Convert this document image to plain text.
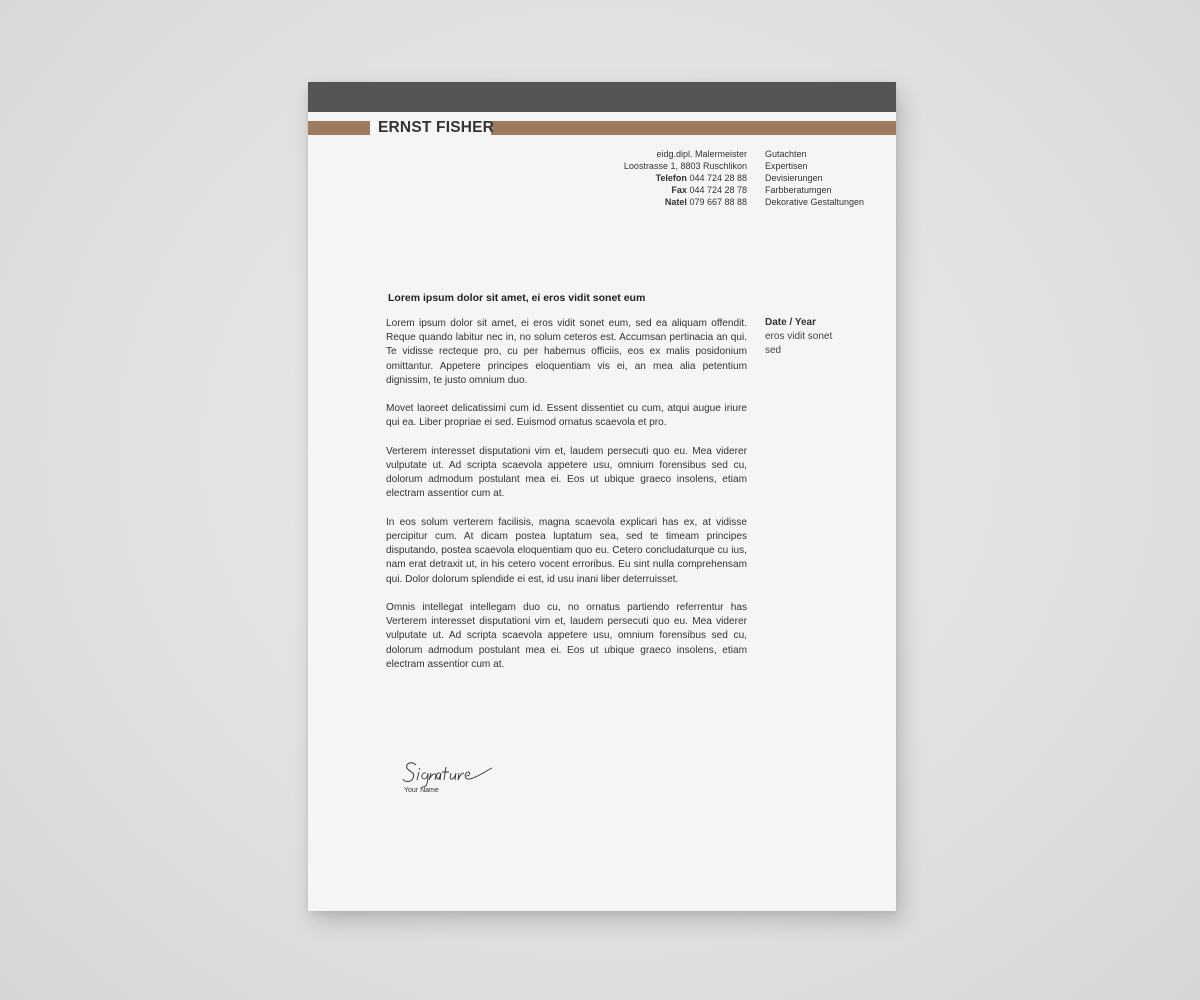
ERNST FISHER
eidg.dipl. Malermeister
Loostrasse 1, 8803 Ruschlikon
Telefon 044 724 28 88
Fax 044 724 28 78
Natel 079 667 88 88
Gutachten
Expertisen
Devisierungen
Farbberatumgen
Dekorative Gestaltungen
Lorem ipsum dolor sit amet, ei eros vidit sonet eum

Lorem ipsum dolor sit amet, ei eros vidit sonet eum, sed ea aliquam offendit. Reque quando labitur nec in, no solum ceteros est. Accumsan pertinacia an qui. Te vidisse recteque pro, cu per habemus officiis, eos ex malis posidonium omittantur. Appetere principes eloquentiam vis ei, an mea alia petentium dignissim, te justo omnium duo.

Movet laoreet delicatissimi cum id. Essent dissentiet cu cum, atqui augue iriure qui ea. Liber propriae ei sed. Euismod ornatus scaevola et pro.

Verterem interesset disputationi vim et, laudem persecuti quo eu. Mea viderer vulputate ut. Ad scripta scaevola appetere usu, omnium forensibus sed cu, dolorum admodum postulant mea ei. Eos ut ubique graeco insolens, etiam electram assentior cum at.

In eos solum verterem facilisis, magna scaevola explicari has ex, at vidisse percipitur cum. At dicam postea luptatum sea, sed te timeam principes disputando, postea scaevola eloquentiam quo eu. Cetero concludaturque cu ius, nam erat detraxit ut, in his cetero vocent erroribus. Eu sint nulla comprehensam qui. Dolor dolorum splendide ei est, id usu inani liber deterruisset.

Omnis intellegat intellegam duo cu, no ornatus partiendo referrentur has Verterem interesset disputationi vim et, laudem persecuti quo eu. Mea viderer vulputate ut. Ad scripta scaevola appetere usu, omnium forensibus sed cu, dolorum admodum postulant mea ei. Eos ut ubique graeco insolens, etiam electram assentior cum at.

Date / Year
eros vidit sonet
sed
Signature
Your Name
